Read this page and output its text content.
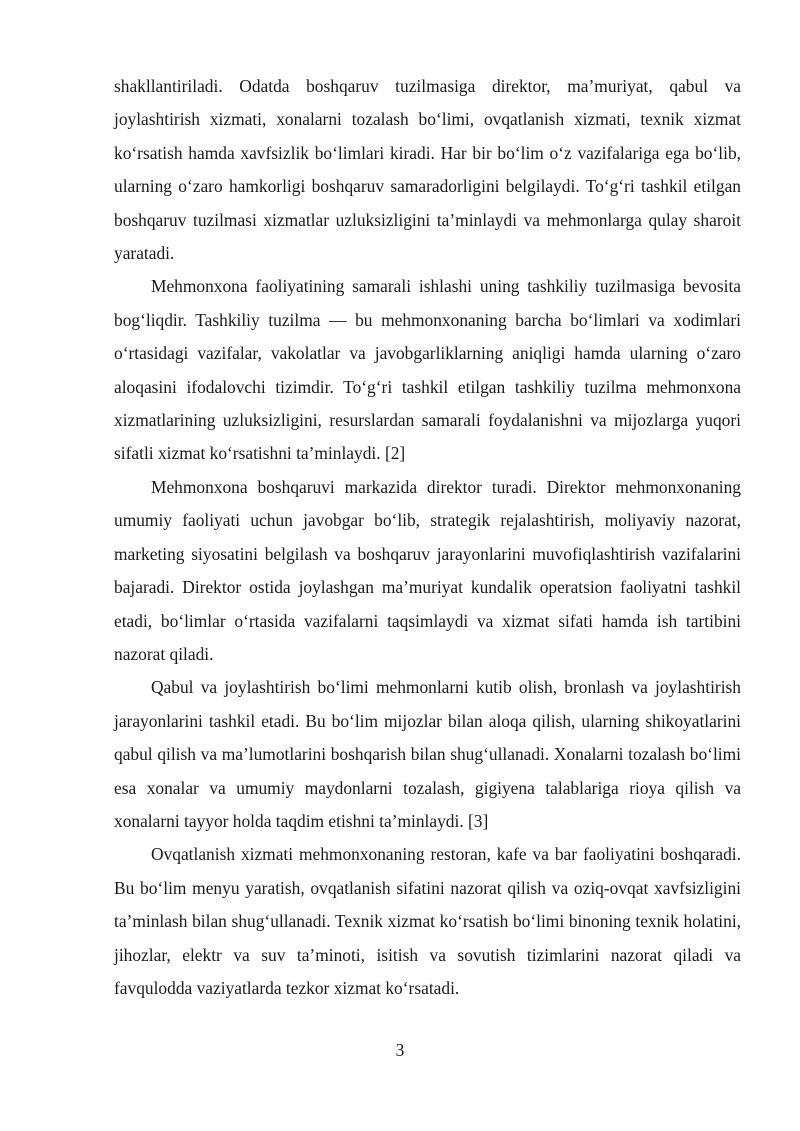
shakllantiriladi. Odatda boshqaruv tuzilmasiga direktor, ma’muriyat, qabul va joylashtirish xizmati, xonalarni tozalash boʻlimi, ovqatlanish xizmati, texnik xizmat koʻrsatish hamda xavfsizlik boʻlimlari kiradi. Har bir boʻlim oʻz vazifalariga ega boʻlib, ularning oʻzaro hamkorligi boshqaruv samaradorligini belgilaydi. Toʻgʻri tashkil etilgan boshqaruv tuzilmasi xizmatlar uzluksizligini ta’minlaydi va mehmonlarga qulay sharoit yaratadi.

Mehmonxona faoliyatining samarali ishlashi uning tashkiliy tuzilmasiga bevosita bogʻliqdir. Tashkiliy tuzilma — bu mehmonxonaning barcha boʻlimlari va xodimlari oʻrtasidagi vazifalar, vakolatlar va javobgarliklarning aniqligi hamda ularning oʻzaro aloqasini ifodalovchi tizimdir. Toʻgʻri tashkil etilgan tashkiliy tuzilma mehmonxona xizmatlarining uzluksizligini, resurslardan samarali foydalanishni va mijozlarga yuqori sifatli xizmat koʻrsatishni ta’minlaydi. [2]

Mehmonxona boshqaruvi markazida direktor turadi. Direktor mehmonxonaning umumiy faoliyati uchun javobgar boʻlib, strategik rejalashtirish, moliyaviy nazorat, marketing siyosatini belgilash va boshqaruv jarayonlarini muvofiqlashtirish vazifalarini bajaradi. Direktor ostida joylashgan ma’muriyat kundalik operatsion faoliyatni tashkil etadi, boʻlimlar oʻrtasida vazifalarni taqsimlaydi va xizmat sifati hamda ish tartibini nazorat qiladi.

Qabul va joylashtirish boʻlimi mehmonlarni kutib olish, bronlash va joylashtirish jarayonlarini tashkil etadi. Bu boʻlim mijozlar bilan aloqa qilish, ularning shikoyatlarini qabul qilish va ma’lumotlarini boshqarish bilan shugʻullanadi. Xonalarni tozalash boʻlimi esa xonalar va umumiy maydonlarni tozalash, gigiyena talablariga rioya qilish va xonalarni tayyor holda taqdim etishni ta’minlaydi. [3]

Ovqatlanish xizmati mehmonxonaning restoran, kafe va bar faoliyatini boshqaradi. Bu boʻlim menyu yaratish, ovqatlanish sifatini nazorat qilish va oziq-ovqat xavfsizligini ta’minlash bilan shugʻullanadi. Texnik xizmat koʻrsatish boʻlimi binoning texnik holatini, jihozlar, elektr va suv ta’minoti, isitish va sovutish tizimlarini nazorat qiladi va favqulodda vaziyatlarda tezkor xizmat koʻrsatadi.

3
